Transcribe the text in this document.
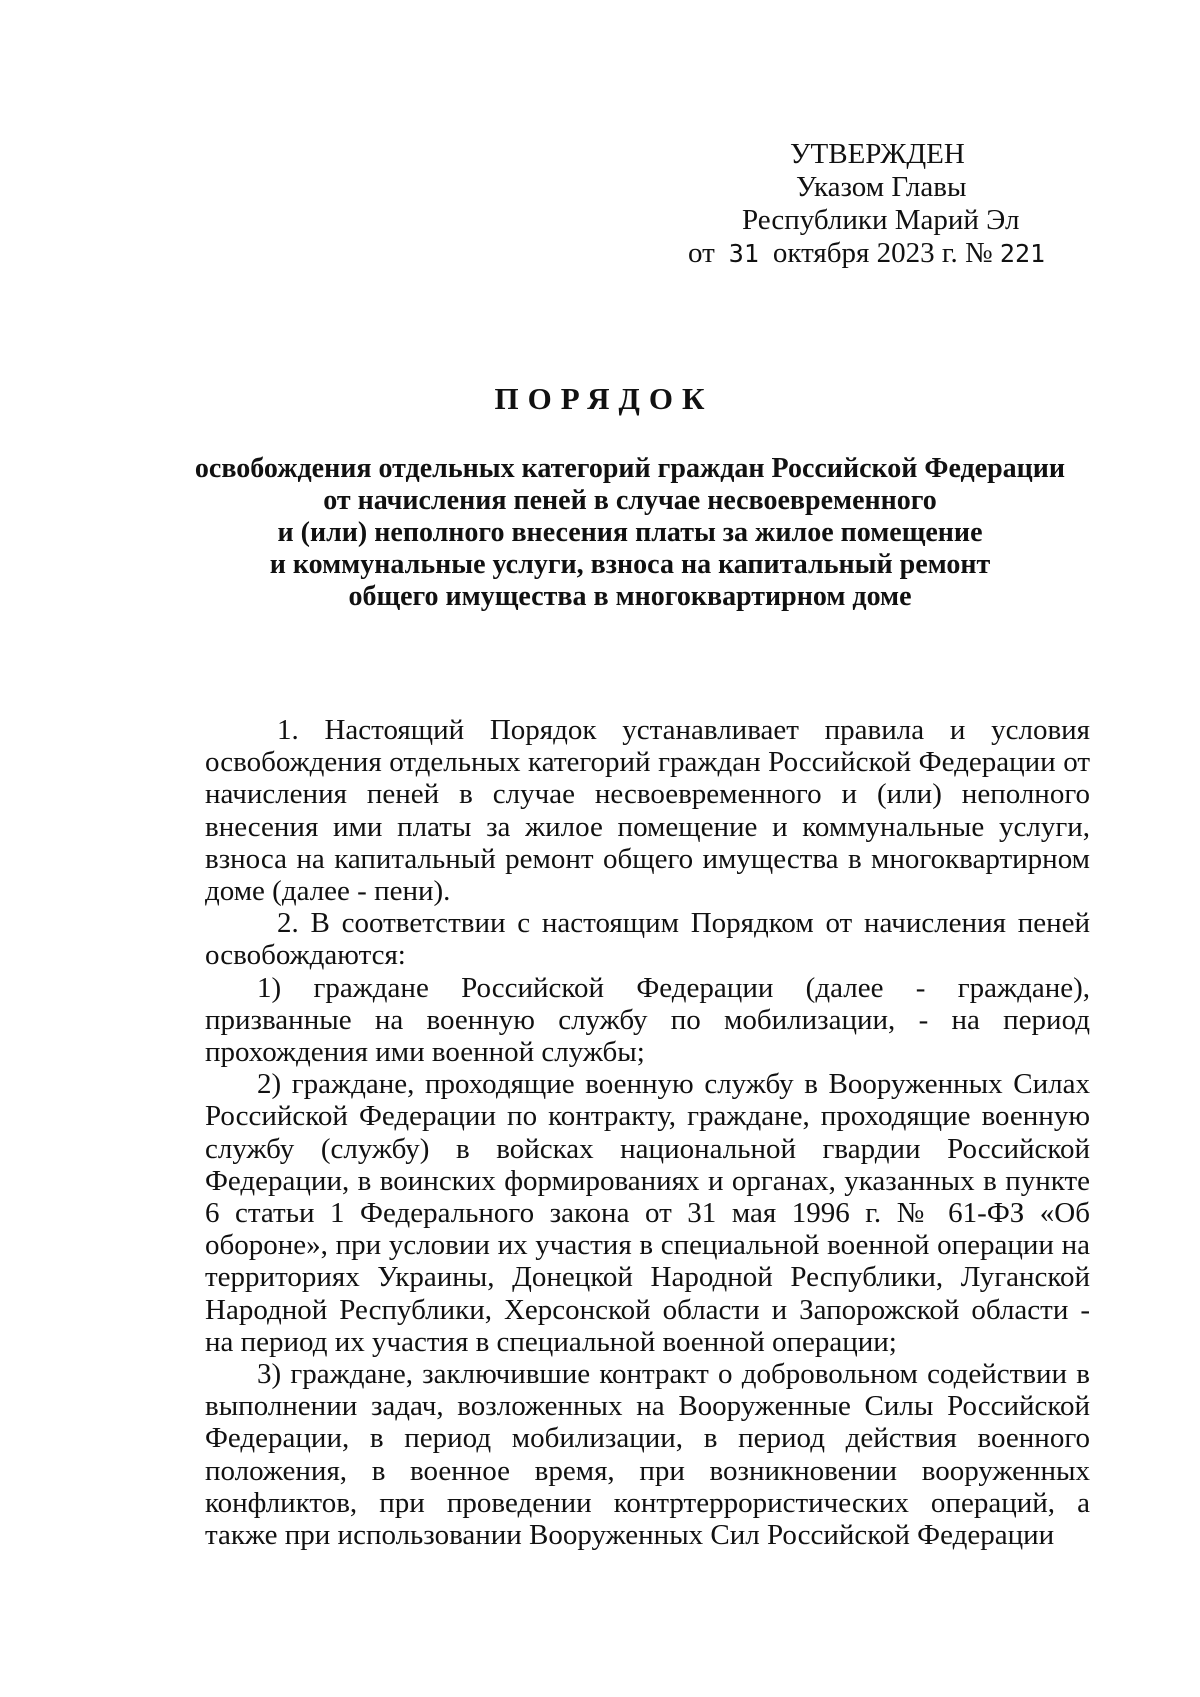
УТВЕРЖДЕН
Указом Главы
Республики Марий Эл
от 31 октября 2023 г. № 221
ПОРЯДОК
освобождения отдельных категорий граждан Российской Федерации
от начисления пеней в случае несвоевременного
и (или) неполного внесения платы за жилое помещение
и коммунальные услуги, взноса на капитальный ремонт
общего имущества в многоквартирном доме

1. Настоящий Порядок устанавливает правила и условия освобождения отдельных категорий граждан Российской Федерации от начисления пеней в случае несвоевременного и (или) неполного внесения ими платы за жилое помещение и коммунальные услуги, взноса на капитальный ремонт общего имущества в многоквартирном доме (далее - пени).

2. В соответствии с настоящим Порядком от начисления пеней освобождаются:

1) граждане Российской Федерации (далее - граждане), призванные на военную службу по мобилизации, - на период прохождения ими военной службы;

2) граждане, проходящие военную службу в Вооруженных Силах Российской Федерации по контракту, граждане, проходящие военную службу (службу) в войсках национальной гвардии Российской Федерации, в воинских формированиях и органах, указанных в пункте 6 статьи 1 Федерального закона от 31 мая 1996 г. № 61-ФЗ «Об обороне», при условии их участия в специальной военной операции на территориях Украины, Донецкой Народной Республики, Луганской Народной Республики, Херсонской области и Запорожской области - на период их участия в специальной военной операции;

3) граждане, заключившие контракт о добровольном содействии в выполнении задач, возложенных на Вооруженные Силы Российской Федерации, в период мобилизации, в период действия военного положения, в военное время, при возникновении вооруженных конфликтов, при проведении контртеррористических операций, а также при использовании Вооруженных Сил Российской Федерации
